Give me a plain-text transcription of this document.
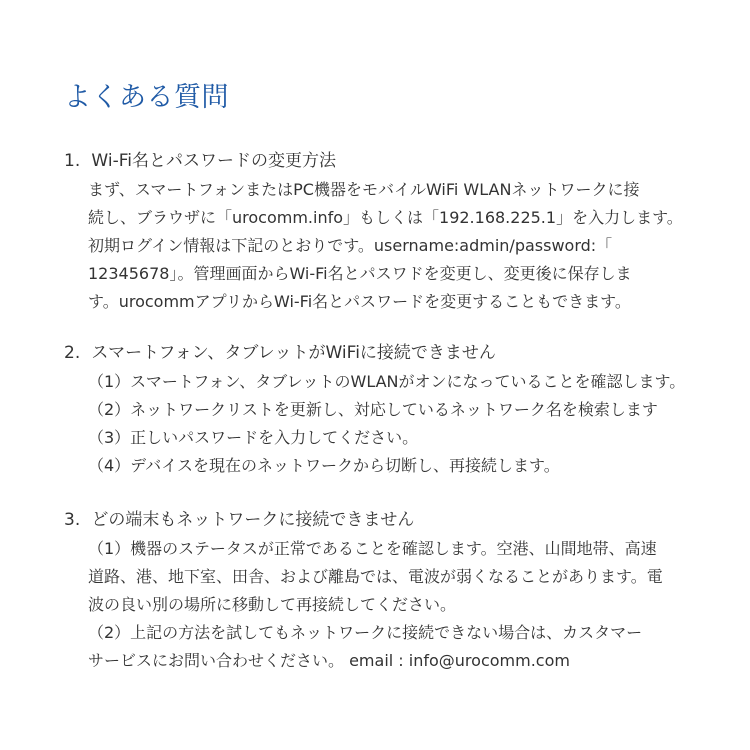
よくある質問
1. Wi-Fi名とパスワードの変更方法
まず、スマートフォンまたはPC機器をモバイルWiFi WLANネットワークに接
続し、ブラウザに「urocomm.info」もしくは「192.168.225.1」を入力します。
初期ログイン情報は下記のとおりです。username:admin/password:「
12345678」。管理画面からWi-Fi名とパスワドを変更し、変更後に保存しま
す。urocommアプリからWi-Fi名とパスワードを変更することもできます。
2. スマートフォン、タブレットがWiFiに接続できません
（1）スマートフォン、タブレットのWLANがオンになっていることを確認します。
（2）ネットワークリストを更新し、対応しているネットワーク名を検索します
（3）正しいパスワードを入力してください。
（4）デバイスを現在のネットワークから切断し、再接続します。
3. どの端末もネットワークに接続できません
（1）機器のステータスが正常であることを確認します。空港、山間地帯、高速
道路、港、地下室、田舎、および離島では、電波が弱くなることがあります。電
波の良い別の場所に移動して再接続してください。
（2）上記の方法を試してもネットワークに接続できない場合は、カスタマー
サービスにお問い合わせください。 email : info@urocomm.com
